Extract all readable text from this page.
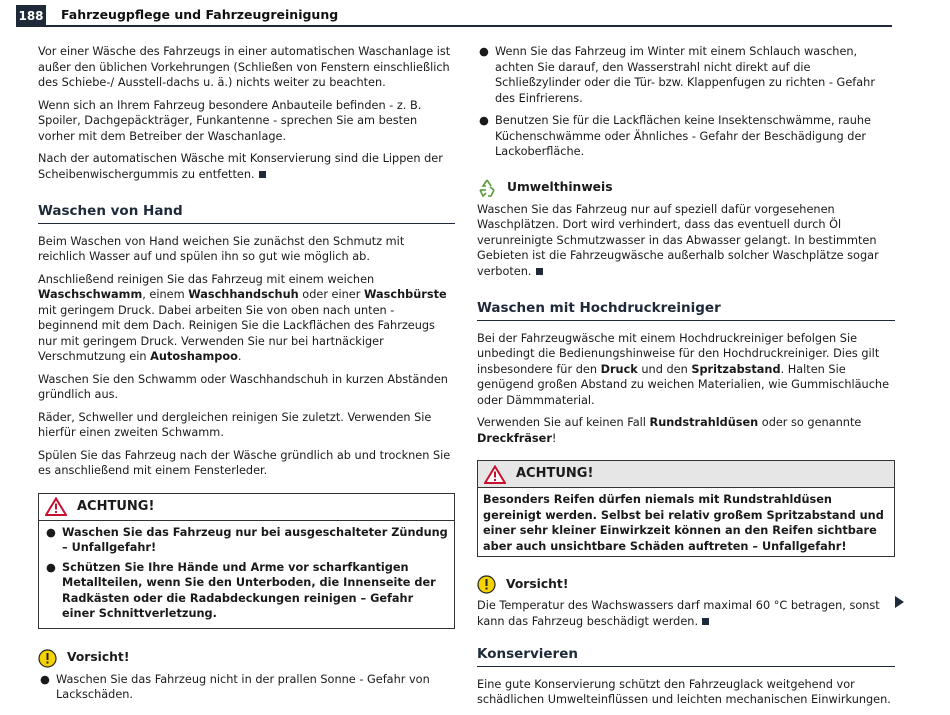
188 Fahrzeugpflege und Fahrzeugreinigung

Vor einer Wäsche des Fahrzeugs in einer automatischen Waschanlage ist außer den üblichen Vorkehrungen (Schließen von Fenstern einschließlich des Schiebe-/ Ausstell-dachs u. ä.) nichts weiter zu beachten.

Wenn sich an Ihrem Fahrzeug besondere Anbauteile befinden - z. B. Spoiler, Dachgepäckträger, Funkantenne - sprechen Sie am besten vorher mit dem Betreiber der Waschanlage.

Nach der automatischen Wäsche mit Konservierung sind die Lippen der Scheibenwischergummis zu entfetten.

Waschen von Hand

Beim Waschen von Hand weichen Sie zunächst den Schmutz mit reichlich Wasser auf und spülen ihn so gut wie möglich ab.

Anschließend reinigen Sie das Fahrzeug mit einem weichen Waschschwamm, einem Waschhandschuh oder einer Waschbürste mit geringem Druck. Dabei arbeiten Sie von oben nach unten - beginnend mit dem Dach. Reinigen Sie die Lackflächen des Fahrzeugs nur mit geringem Druck. Verwenden Sie nur bei hartnäckiger Verschmutzung ein Autoshampoo.

Waschen Sie den Schwamm oder Waschhandschuh in kurzen Abständen gründlich aus.

Räder, Schweller und dergleichen reinigen Sie zuletzt. Verwenden Sie hierfür einen zweiten Schwamm.

Spülen Sie das Fahrzeug nach der Wäsche gründlich ab und trocknen Sie es anschließend mit einem Fensterleder.

ACHTUNG!
● Waschen Sie das Fahrzeug nur bei ausgeschalteter Zündung – Unfallgefahr!
● Schützen Sie Ihre Hände und Arme vor scharfkantigen Metallteilen, wenn Sie den Unterboden, die Innenseite der Radkästen oder die Radabdeckungen reinigen – Gefahr einer Schnittverletzung.
Vorsicht!
● Waschen Sie das Fahrzeug nicht in der prallen Sonne - Gefahr von Lackschäden.
● Wenn Sie das Fahrzeug im Winter mit einem Schlauch waschen, achten Sie darauf, den Wasserstrahl nicht direkt auf die Schließzylinder oder die Tür- bzw. Klappenfugen zu richten - Gefahr des Einfrierens.
● Benutzen Sie für die Lackflächen keine Insektenschwämme, rauhe Küchenschwämme oder Ähnliches - Gefahr der Beschädigung der Lackoberfläche.
Umwelthinweis

Waschen Sie das Fahrzeug nur auf speziell dafür vorgesehenen Waschplätzen. Dort wird verhindert, dass das eventuell durch Öl verunreinigte Schmutzwasser in das Abwasser gelangt. In bestimmten Gebieten ist die Fahrzeugwäsche außerhalb solcher Waschplätze sogar verboten.

Waschen mit Hochdruckreiniger

Bei der Fahrzeugwäsche mit einem Hochdruckreiniger befolgen Sie unbedingt die Bedienungshinweise für den Hochdruckreiniger. Dies gilt insbesondere für den Druck und den Spritzabstand. Halten Sie genügend großen Abstand zu weichen Materialien, wie Gummischläuche oder Dämmmaterial.

Verwenden Sie auf keinen Fall Rundstrahldüsen oder so genannte Dreckfräser!

ACHTUNG!
Besonders Reifen dürfen niemals mit Rundstrahldüsen gereinigt werden. Selbst bei relativ großem Spritzabstand und einer sehr kleiner Einwirkzeit können an den Reifen sichtbare aber auch unsichtbare Schäden auftreten – Unfallgefahr!
Vorsicht!

Die Temperatur des Wachswassers darf maximal 60 °C betragen, sonst kann das Fahrzeug beschädigt werden.

Konservieren

Eine gute Konservierung schützt den Fahrzeuglack weitgehend vor schädlichen Umwelteinflüssen und leichten mechanischen Einwirkungen.
